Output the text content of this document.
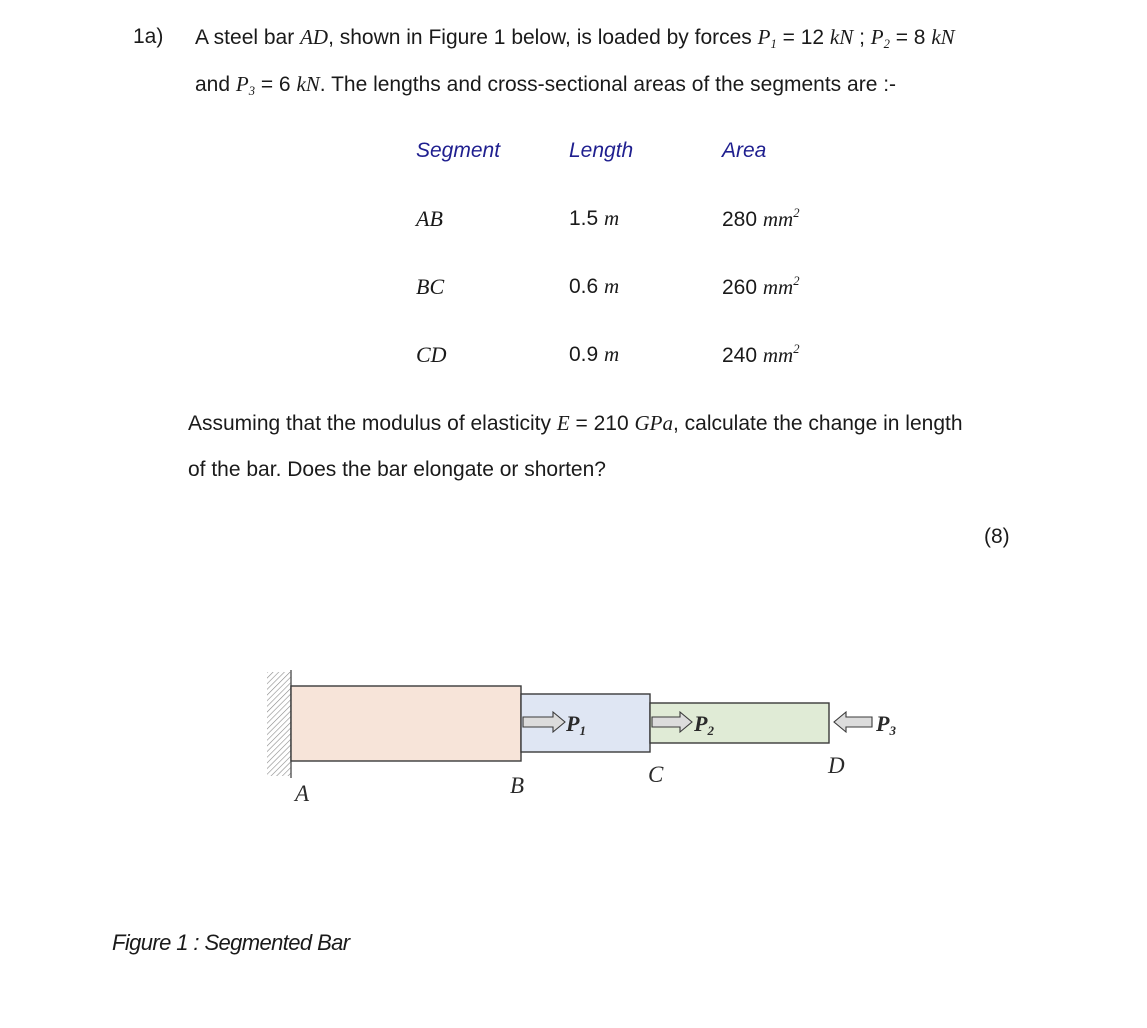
1a) A steel bar AD, shown in Figure 1 below, is loaded by forces $P_1 = 12$ kN ; $P_2 = 8$ kN
and $P_3 = 6$ kN. The lengths and cross-sectional areas of the segments are :-
Segment	Length	Area
AB	1.5 m	280 $mm^2$
BC	0.6 m	260 $mm^2$
CD	0.9 m	240 $mm^2$
Assuming that the modulus of elasticity E = 210 GPa, calculate the change in length
of the bar. Does the bar elongate or shorten?
(8)
P1	P2	P3
A	B	C	D
Figure 1 : Segmented Bar
